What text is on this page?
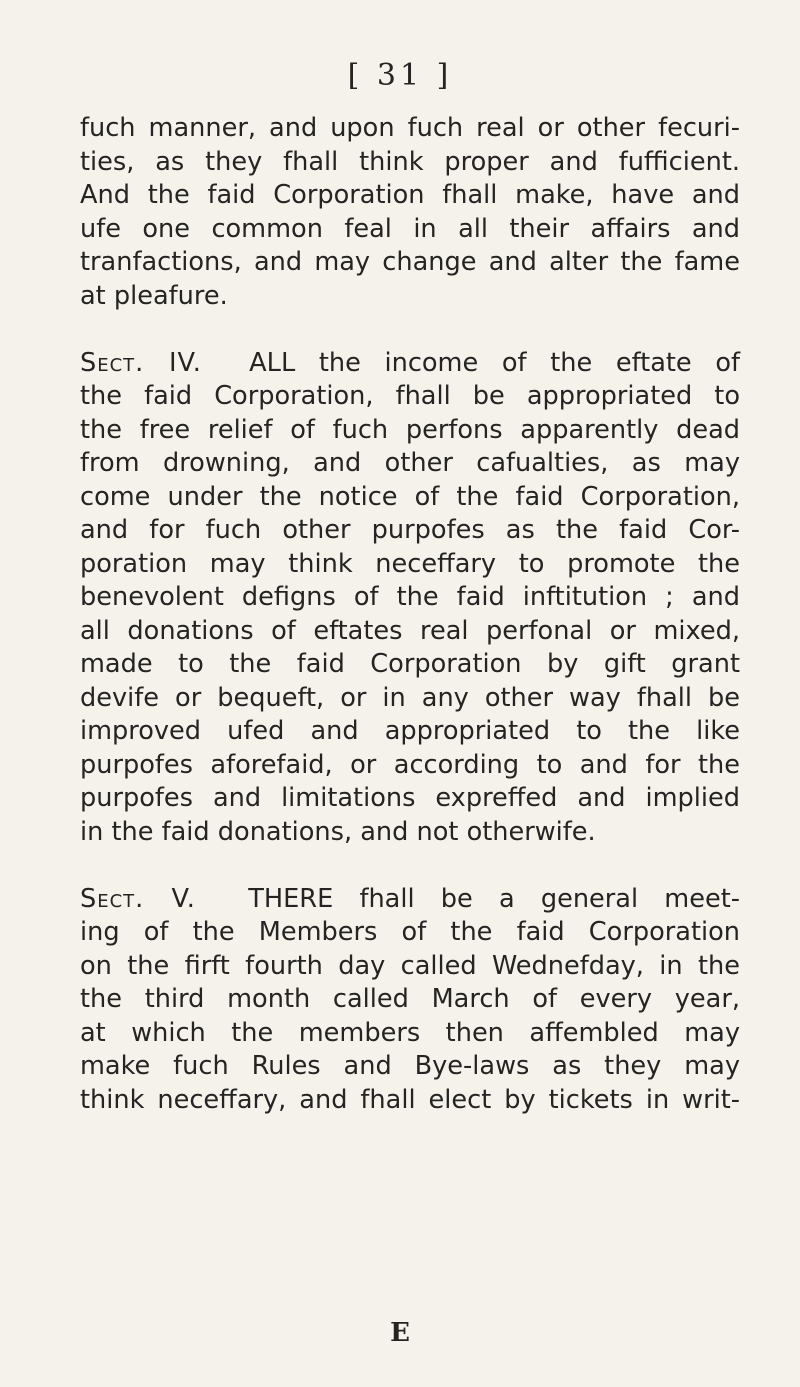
[ 31 ]
fuch manner, and upon fuch real or other fecuri-
ties, as they fhall think proper and fufficient.
And the faid Corporation fhall make, have and
ufe one common feal in all their affairs and
tranfactions, and may change and alter the fame
at pleafure.
Sect. IV. ALL the income of the eftate of
the faid Corporation, fhall be appropriated to
the free relief of fuch perfons apparently dead
from drowning, and other cafualties, as may
come under the notice of the faid Corporation,
and for fuch other purpofes as the faid Cor-
poration may think neceffary to promote the
benevolent defigns of the faid inftitution ; and
all donations of eftates real perfonal or mixed,
made to the faid Corporation by gift grant
devife or bequeft, or in any other way fhall be
improved ufed and appropriated to the like
purpofes aforefaid, or according to and for the
purpofes and limitations expreffed and implied
in the faid donations, and not otherwife.
Sect. V. THERE fhall be a general meet-
ing of the Members of the faid Corporation
on the firft fourth day called Wednefday, in the
the third month called March of every year,
at which the members then affembled may
make fuch Rules and Bye-laws as they may
think neceffary, and fhall elect by tickets in writ-
E
